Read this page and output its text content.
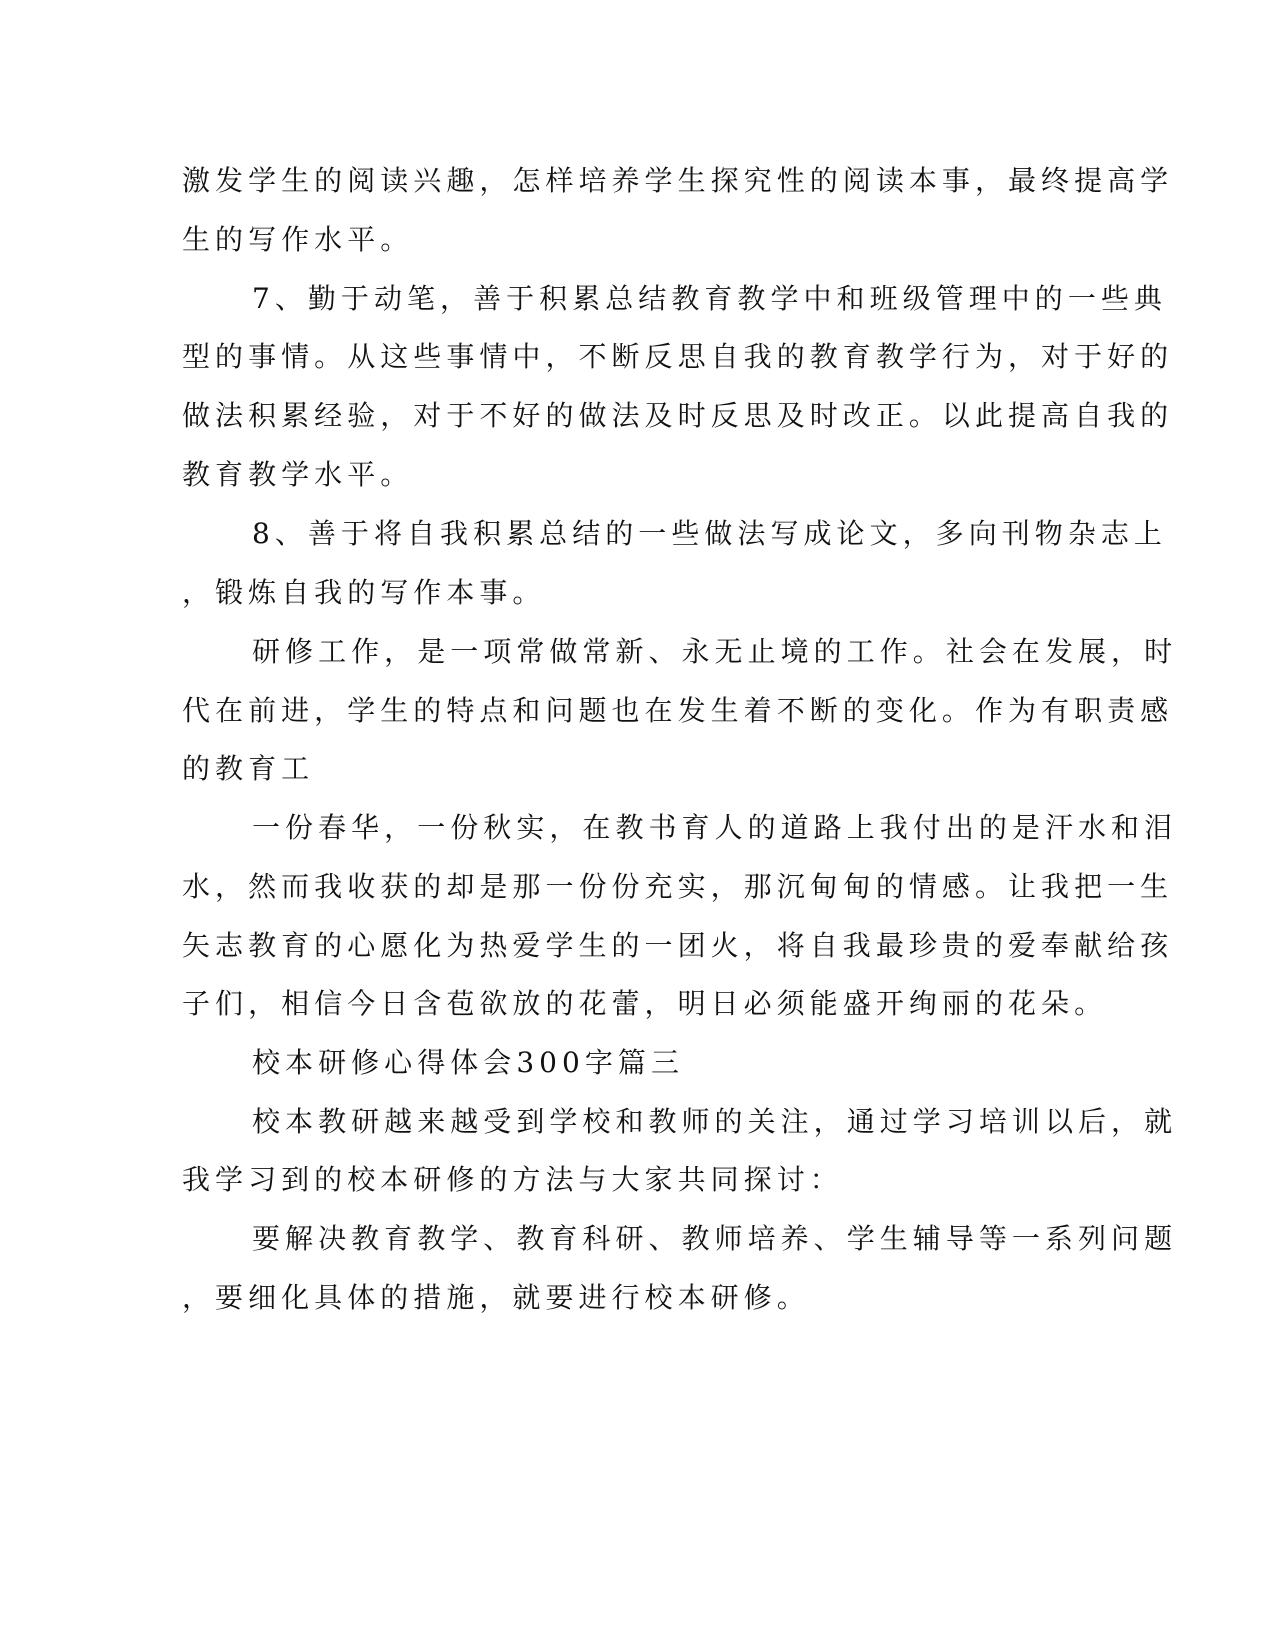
激发学生的阅读兴趣，怎样培养学生探究性的阅读本事，最终提高学

生的写作水平。

7、勤于动笔，善于积累总结教育教学中和班级管理中的一些典

型的事情。从这些事情中，不断反思自我的教育教学行为，对于好的

做法积累经验，对于不好的做法及时反思及时改正。以此提高自我的

教育教学水平。

8、善于将自我积累总结的一些做法写成论文，多向刊物杂志上

，锻炼自我的写作本事。

研修工作，是一项常做常新、永无止境的工作。社会在发展，时

代在前进，学生的特点和问题也在发生着不断的变化。作为有职责感

的教育工

一份春华，一份秋实，在教书育人的道路上我付出的是汗水和泪

水，然而我收获的却是那一份份充实，那沉甸甸的情感。让我把一生

矢志教育的心愿化为热爱学生的一团火，将自我最珍贵的爱奉献给孩

子们，相信今日含苞欲放的花蕾，明日必须能盛开绚丽的花朵。

校本研修心得体会300字篇三

校本教研越来越受到学校和教师的关注，通过学习培训以后，就

我学习到的校本研修的方法与大家共同探讨：

要解决教育教学、教育科研、教师培养、学生辅导等一系列问题

，要细化具体的措施，就要进行校本研修。
